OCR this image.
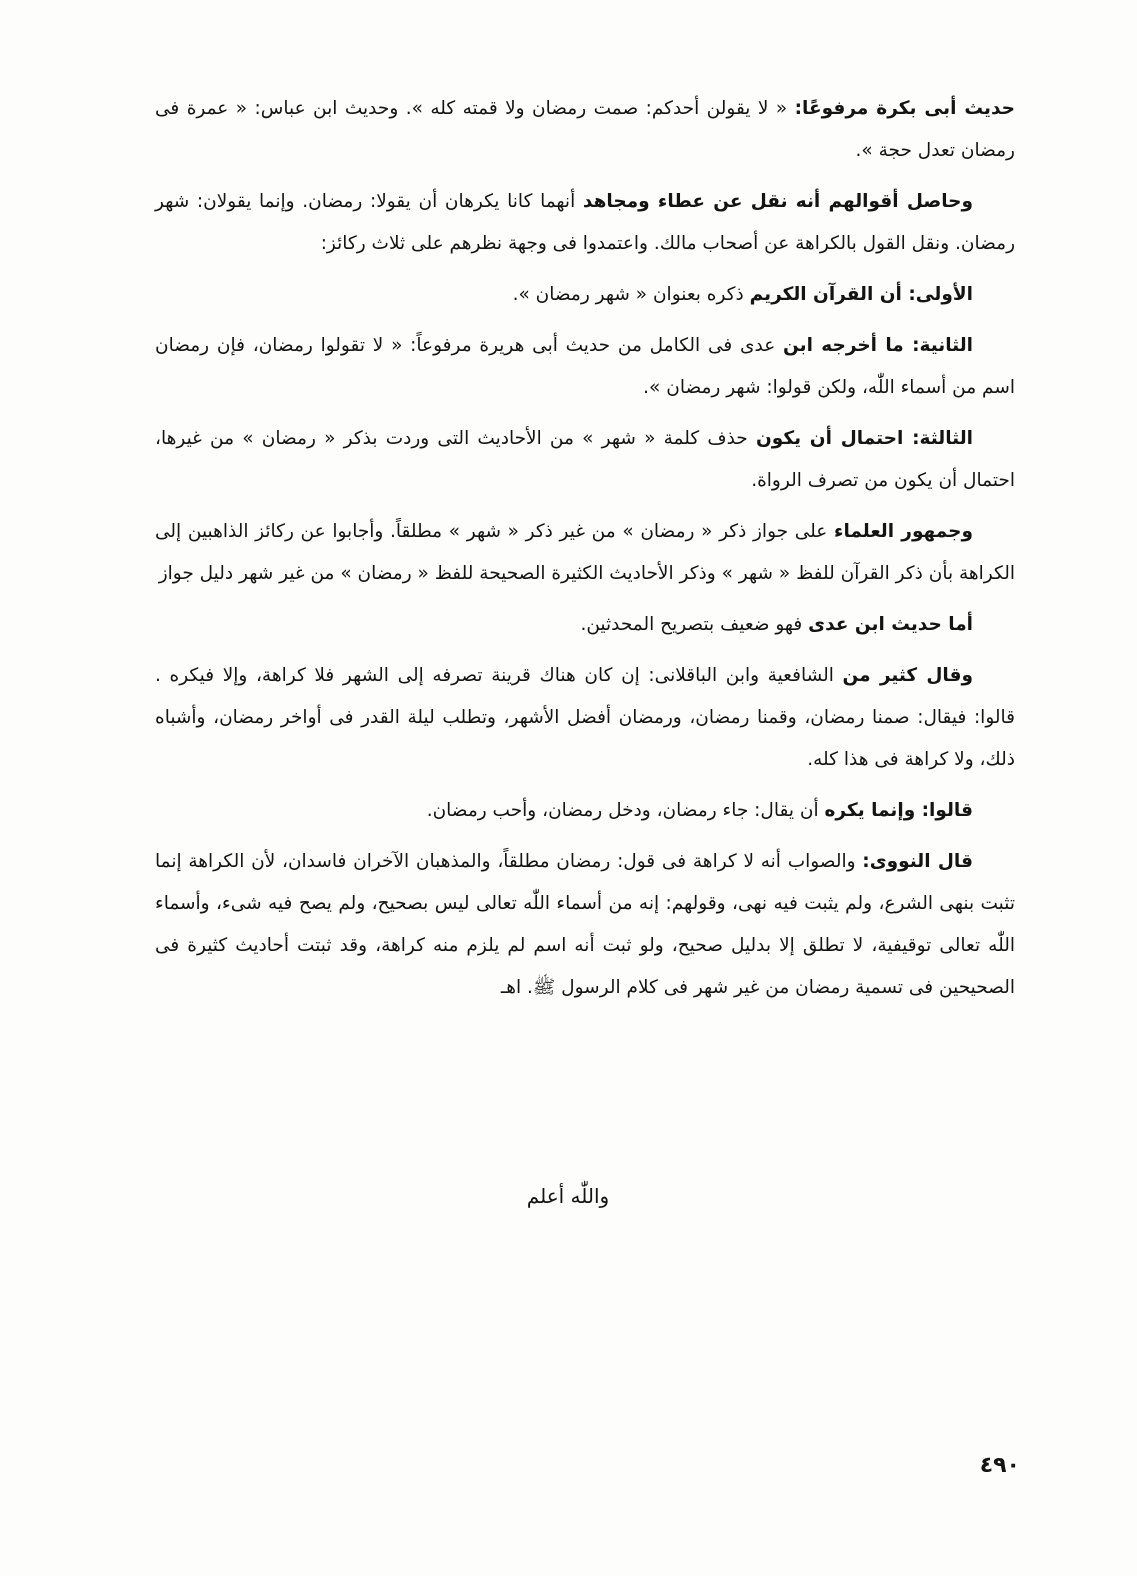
حديث أبى بكرة مرفوعًا: « لا يقولن أحدكم: صمت رمضان ولا قمته كله ». وحديث ابن عباس: « عمرة فى رمضان تعدل حجة ».

وحاصل أقوالهم أنه نقل عن عطاء ومجاهد أنهما كانا يكرهان أن يقولا: رمضان. وإنما يقولان: شهر رمضان. ونقل القول بالكراهة عن أصحاب مالك. واعتمدوا فى وجهة نظرهم على ثلاث ركائز:

الأولى: أن القرآن الكريم ذكره بعنوان « شهر رمضان ».

الثانية: ما أخرجه ابن عدى فى الكامل من حديث أبى هريرة مرفوعاً: « لا تقولوا رمضان، فإن رمضان اسم من أسماء اللّٰه، ولكن قولوا: شهر رمضان ».

الثالثة: احتمال أن يكون حذف كلمة « شهر » من الأحاديث التى وردت بذكر « رمضان » من غيرها، احتمال أن يكون من تصرف الرواة.

وجمهور العلماء على جواز ذكر « رمضان » من غير ذكر « شهر » مطلقاً. وأجابوا عن ركائز الذاهبين إلى الكراهة بأن ذكر القرآن للفظ « شهر » وذكر الأحاديث الكثيرة الصحيحة للفظ « رمضان » من غير شهر دليل جواز

أما حديث ابن عدى فهو ضعيف بتصريح المحدثين.

وقال كثير من الشافعية وابن الباقلانى: إن كان هناك قرينة تصرفه إلى الشهر فلا كراهة، وإلا فيكره . قالوا: فيقال: صمنا رمضان، وقمنا رمضان، ورمضان أفضل الأشهر، وتطلب ليلة القدر فى أواخر رمضان، وأشباه ذلك، ولا كراهة فى هذا كله.

قالوا: وإنما يكره أن يقال: جاء رمضان، ودخل رمضان، وأحب رمضان.

قال النووى: والصواب أنه لا كراهة فى قول: رمضان مطلقاً، والمذهبان الآخران فاسدان، لأن الكراهة إنما تثبت بنهى الشرع، ولم يثبت فيه نهى، وقولهم: إنه من أسماء اللّٰه تعالى ليس بصحيح، ولم يصح فيه شىء، وأسماء اللّٰه تعالى توقيفية، لا تطلق إلا بدليل صحيح، ولو ثبت أنه اسم لم يلزم منه كراهة، وقد ثبتت أحاديث كثيرة فى الصحيحين فى تسمية رمضان من غير شهر فى كلام الرسول ﷺ. اهـ

واللّٰه أعلم
٤٩٠
